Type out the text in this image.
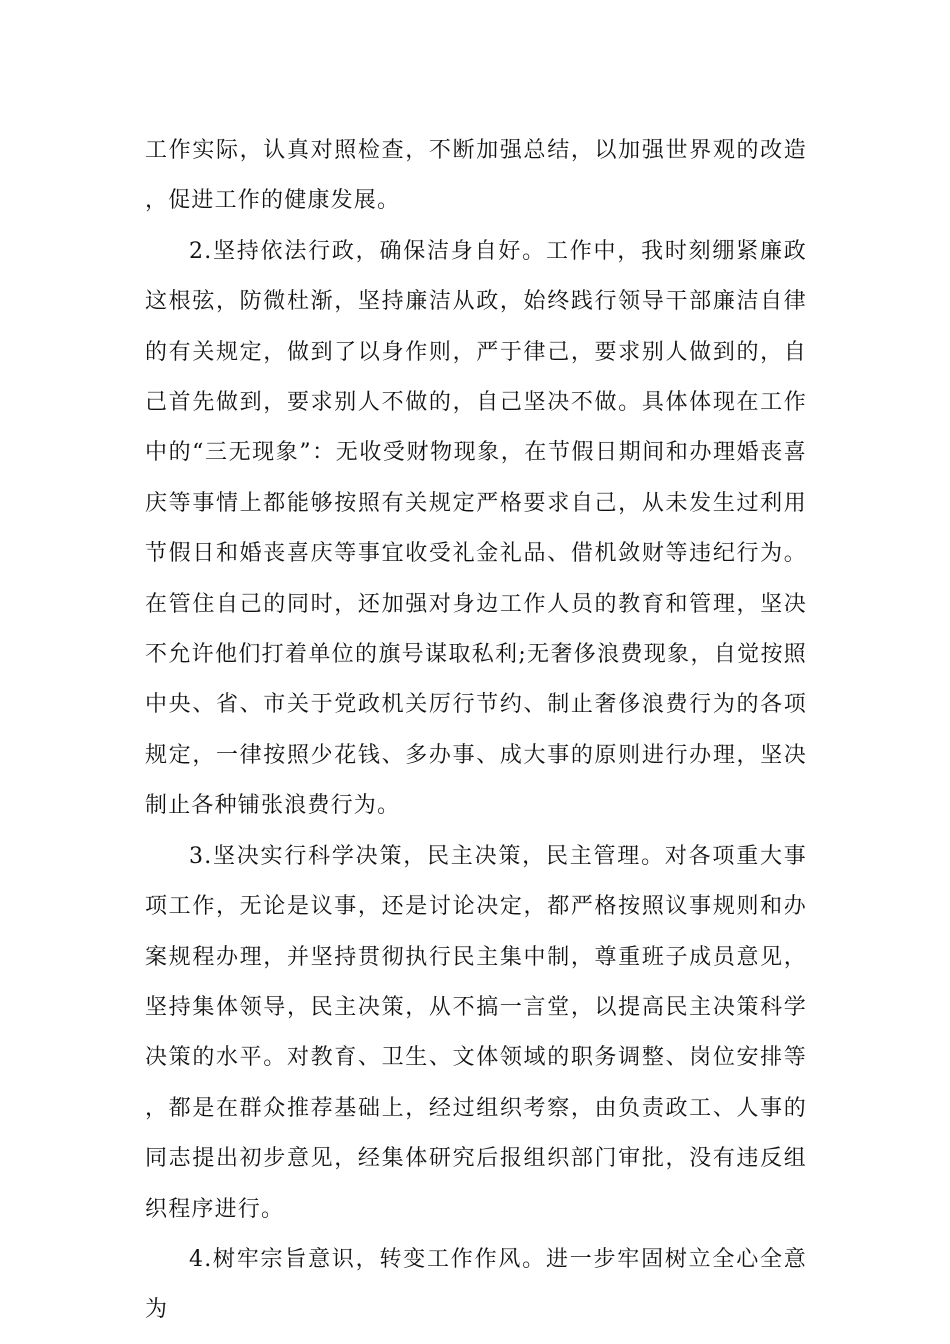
工作实际，认真对照检查，不断加强总结，以加强世界观的改造，促进工作的健康发展。

2.坚持依法行政，确保洁身自好。工作中，我时刻绷紧廉政这根弦，防微杜渐，坚持廉洁从政，始终践行领导干部廉洁自律的有关规定，做到了以身作则，严于律己，要求别人做到的，自己首先做到，要求别人不做的，自己坚决不做。具体体现在工作中的“三无现象”：无收受财物现象，在节假日期间和办理婚丧喜庆等事情上都能够按照有关规定严格要求自己，从未发生过利用节假日和婚丧喜庆等事宜收受礼金礼品、借机敛财等违纪行为。在管住自己的同时，还加强对身边工作人员的教育和管理，坚决不允许他们打着单位的旗号谋取私利;无奢侈浪费现象，自觉按照中央、省、市关于党政机关厉行节约、制止奢侈浪费行为的各项规定，一律按照少花钱、多办事、成大事的原则进行办理，坚决制止各种铺张浪费行为。

3.坚决实行科学决策，民主决策，民主管理。对各项重大事项工作，无论是议事，还是讨论决定，都严格按照议事规则和办案规程办理，并坚持贯彻执行民主集中制，尊重班子成员意见，坚持集体领导，民主决策，从不搞一言堂，以提高民主决策科学决策的水平。对教育、卫生、文体领域的职务调整、岗位安排等，都是在群众推荐基础上，经过组织考察，由负责政工、人事的同志提出初步意见，经集体研究后报组织部门审批，没有违反组织程序进行。

4.树牢宗旨意识，转变工作作风。进一步牢固树立全心全意为
